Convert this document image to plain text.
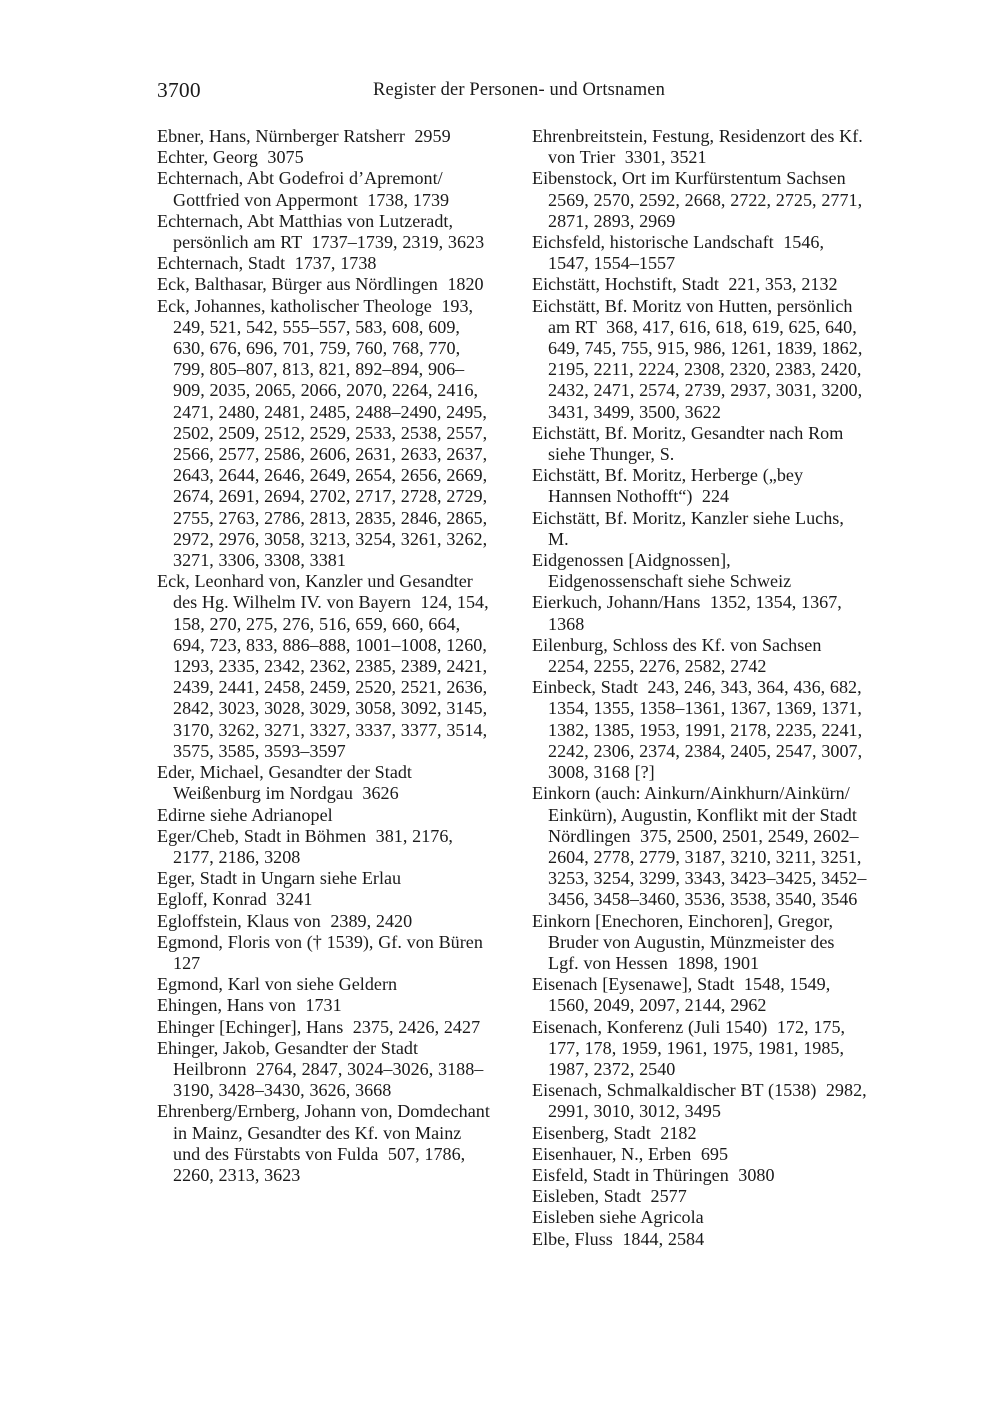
3700	Register der Personen- und Ortsnamen

Ebner, Hans, Nürnberger Ratsherr  2959

Echter, Georg  3075

Echternach, Abt Godefroi d’Apremont/ Gottfried von Appermont  1738, 1739

Echternach, Abt Matthias von Lutzeradt, persönlich am RT  1737–1739, 2319, 3623

Echternach, Stadt  1737, 1738

Eck, Balthasar, Bürger aus Nördlingen  1820

Eck, Johannes, katholischer Theologe  193, 249, 521, 542, 555–557, 583, 608, 609, 630, 676, 696, 701, 759, 760, 768, 770, 799, 805–807, 813, 821, 892–894, 906–909, 2035, 2065, 2066, 2070, 2264, 2416, 2471, 2480, 2481, 2485, 2488–2490, 2495, 2502, 2509, 2512, 2529, 2533, 2538, 2557, 2566, 2577, 2586, 2606, 2631, 2633, 2637, 2643, 2644, 2646, 2649, 2654, 2656, 2669, 2674, 2691, 2694, 2702, 2717, 2728, 2729, 2755, 2763, 2786, 2813, 2835, 2846, 2865, 2972, 2976, 3058, 3213, 3254, 3261, 3262, 3271, 3306, 3308, 3381

Eck, Leonhard von, Kanzler und Gesandter des Hg. Wilhelm IV. von Bayern  124, 154, 158, 270, 275, 276, 516, 659, 660, 664, 694, 723, 833, 886–888, 1001–1008, 1260, 1293, 2335, 2342, 2362, 2385, 2389, 2421, 2439, 2441, 2458, 2459, 2520, 2521, 2636, 2842, 3023, 3028, 3029, 3058, 3092, 3145, 3170, 3262, 3271, 3327, 3337, 3377, 3514, 3575, 3585, 3593–3597

Eder, Michael, Gesandter der Stadt Weißenburg im Nordgau  3626

Edirne siehe Adrianopel

Eger/Cheb, Stadt in Böhmen  381, 2176, 2177, 2186, 3208

Eger, Stadt in Ungarn siehe Erlau

Egloff, Konrad  3241

Egloffstein, Klaus von  2389, 2420

Egmond, Floris von († 1539), Gf. von Büren  127

Egmond, Karl von siehe Geldern

Ehingen, Hans von  1731

Ehinger [Echinger], Hans  2375, 2426, 2427

Ehinger, Jakob, Gesandter der Stadt Heilbronn  2764, 2847, 3024–3026, 3188–3190, 3428–3430, 3626, 3668

Ehrenberg/Ernberg, Johann von, Domdechant in Mainz, Gesandter des Kf. von Mainz und des Fürstabts von Fulda  507, 1786, 2260, 2313, 3623

Ehrenbreitstein, Festung, Residenzort des Kf. von Trier  3301, 3521

Eibenstock, Ort im Kurfürstentum Sachsen  2569, 2570, 2592, 2668, 2722, 2725, 2771, 2871, 2893, 2969

Eichsfeld, historische Landschaft  1546, 1547, 1554–1557

Eichstätt, Hochstift, Stadt  221, 353, 2132

Eichstätt, Bf. Moritz von Hutten, persönlich am RT  368, 417, 616, 618, 619, 625, 640, 649, 745, 755, 915, 986, 1261, 1839, 1862, 2195, 2211, 2224, 2308, 2320, 2383, 2420, 2432, 2471, 2574, 2739, 2937, 3031, 3200, 3431, 3499, 3500, 3622

Eichstätt, Bf. Moritz, Gesandter nach Rom siehe Thunger, S.

Eichstätt, Bf. Moritz, Herberge („bey Hannsen Nothofft“)  224

Eichstätt, Bf. Moritz, Kanzler siehe Luchs, M.

Eidgenossen [Aidgnossen], Eidgenossenschaft siehe Schweiz

Eierkuch, Johann/Hans  1352, 1354, 1367, 1368

Eilenburg, Schloss des Kf. von Sachsen  2254, 2255, 2276, 2582, 2742

Einbeck, Stadt  243, 246, 343, 364, 436, 682, 1354, 1355, 1358–1361, 1367, 1369, 1371, 1382, 1385, 1953, 1991, 2178, 2235, 2241, 2242, 2306, 2374, 2384, 2405, 2547, 3007, 3008, 3168 [?]

Einkorn (auch: Ainkurn/Ainkhurn/Ainkürn/ Einkürn), Augustin, Konflikt mit der Stadt Nördlingen  375, 2500, 2501, 2549, 2602–2604, 2778, 2779, 3187, 3210, 3211, 3251, 3253, 3254, 3299, 3343, 3423–3425, 3452–3456, 3458–3460, 3536, 3538, 3540, 3546

Einkorn [Enechoren, Einchoren], Gregor, Bruder von Augustin, Münzmeister des Lgf. von Hessen  1898, 1901

Eisenach [Eysenawe], Stadt  1548, 1549, 1560, 2049, 2097, 2144, 2962

Eisenach, Konferenz (Juli 1540)  172, 175, 177, 178, 1959, 1961, 1975, 1981, 1985, 1987, 2372, 2540

Eisenach, Schmalkaldischer BT (1538)  2982, 2991, 3010, 3012, 3495

Eisenberg, Stadt  2182

Eisenhauer, N., Erben  695

Eisfeld, Stadt in Thüringen  3080

Eisleben, Stadt  2577

Eisleben siehe Agricola

Elbe, Fluss  1844, 2584
